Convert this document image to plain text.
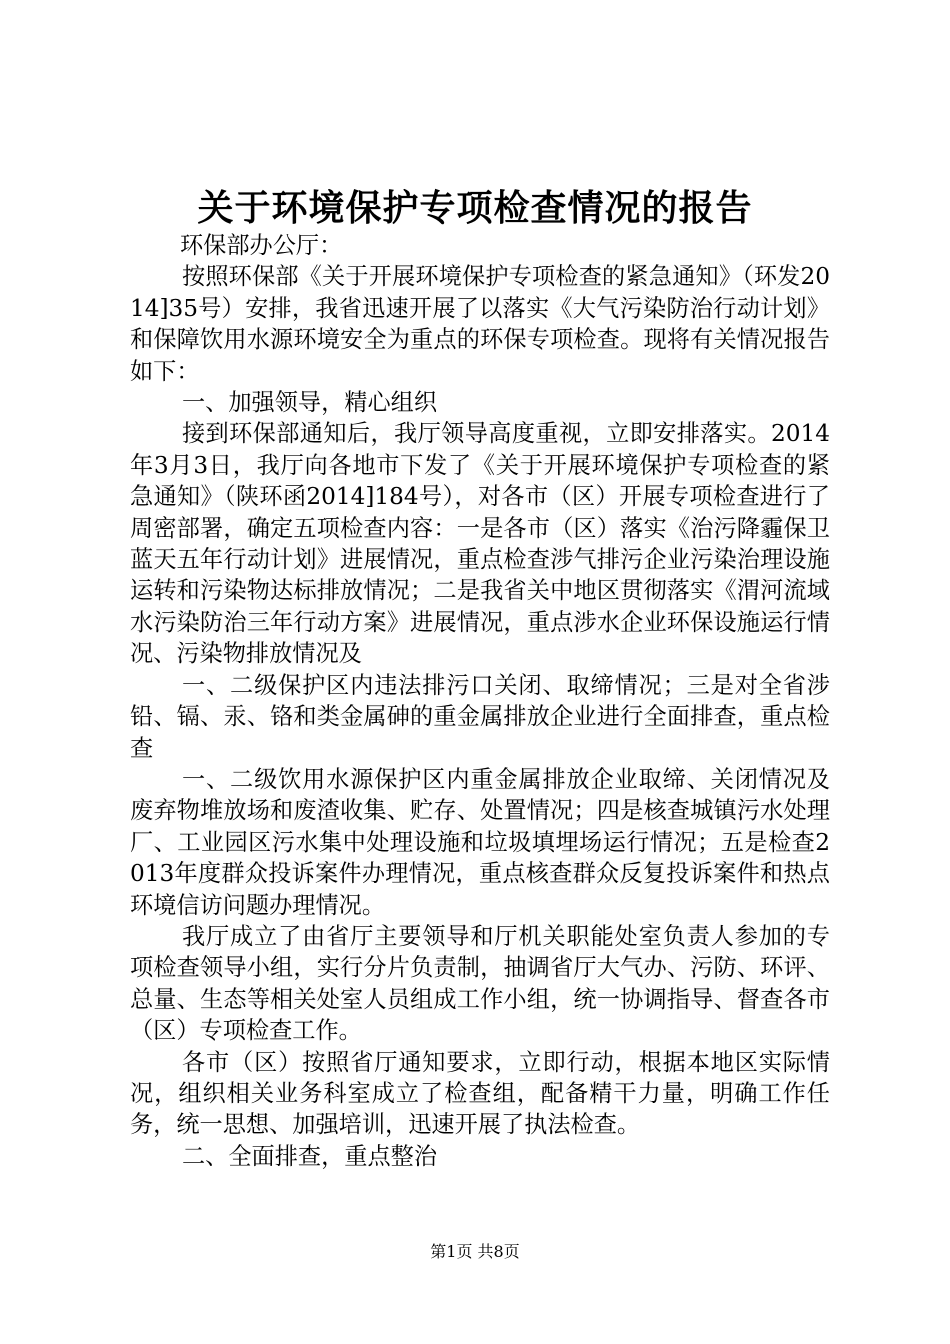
关于环境保护专项检查情况的报告

环保部办公厅：

按照环保部《关于开展环境保护专项检查的紧急通知》（环发2014]35号）安排，我省迅速开展了以落实《大气污染防治行动计划》和保障饮用水源环境安全为重点的环保专项检查。现将有关情况报告如下：

一、加强领导，精心组织

接到环保部通知后，我厅领导高度重视，立即安排落实。2014年3月3日，我厅向各地市下发了《关于开展环境保护专项检查的紧急通知》（陕环函2014]184号），对各市（区）开展专项检查进行了周密部署，确定五项检查内容：一是各市（区）落实《治污降霾保卫蓝天五年行动计划》进展情况，重点检查涉气排污企业污染治理设施运转和污染物达标排放情况；二是我省关中地区贯彻落实《渭河流域水污染防治三年行动方案》进展情况，重点涉水企业环保设施运行情况、污染物排放情况及

一、二级保护区内违法排污口关闭、取缔情况；三是对全省涉铅、镉、汞、铬和类金属砷的重金属排放企业进行全面排查，重点检查

一、二级饮用水源保护区内重金属排放企业取缔、关闭情况及废弃物堆放场和废渣收集、贮存、处置情况；四是核查城镇污水处理厂、工业园区污水集中处理设施和垃圾填埋场运行情况；五是检查2013年度群众投诉案件办理情况，重点核查群众反复投诉案件和热点环境信访问题办理情况。

我厅成立了由省厅主要领导和厅机关职能处室负责人参加的专项检查领导小组，实行分片负责制，抽调省厅大气办、污防、环评、总量、生态等相关处室人员组成工作小组，统一协调指导、督查各市（区）专项检查工作。

各市（区）按照省厅通知要求，立即行动，根据本地区实际情况，组织相关业务科室成立了检查组，配备精干力量，明确工作任务，统一思想、加强培训，迅速开展了执法检查。

二、全面排查，重点整治

第1页 共8页
